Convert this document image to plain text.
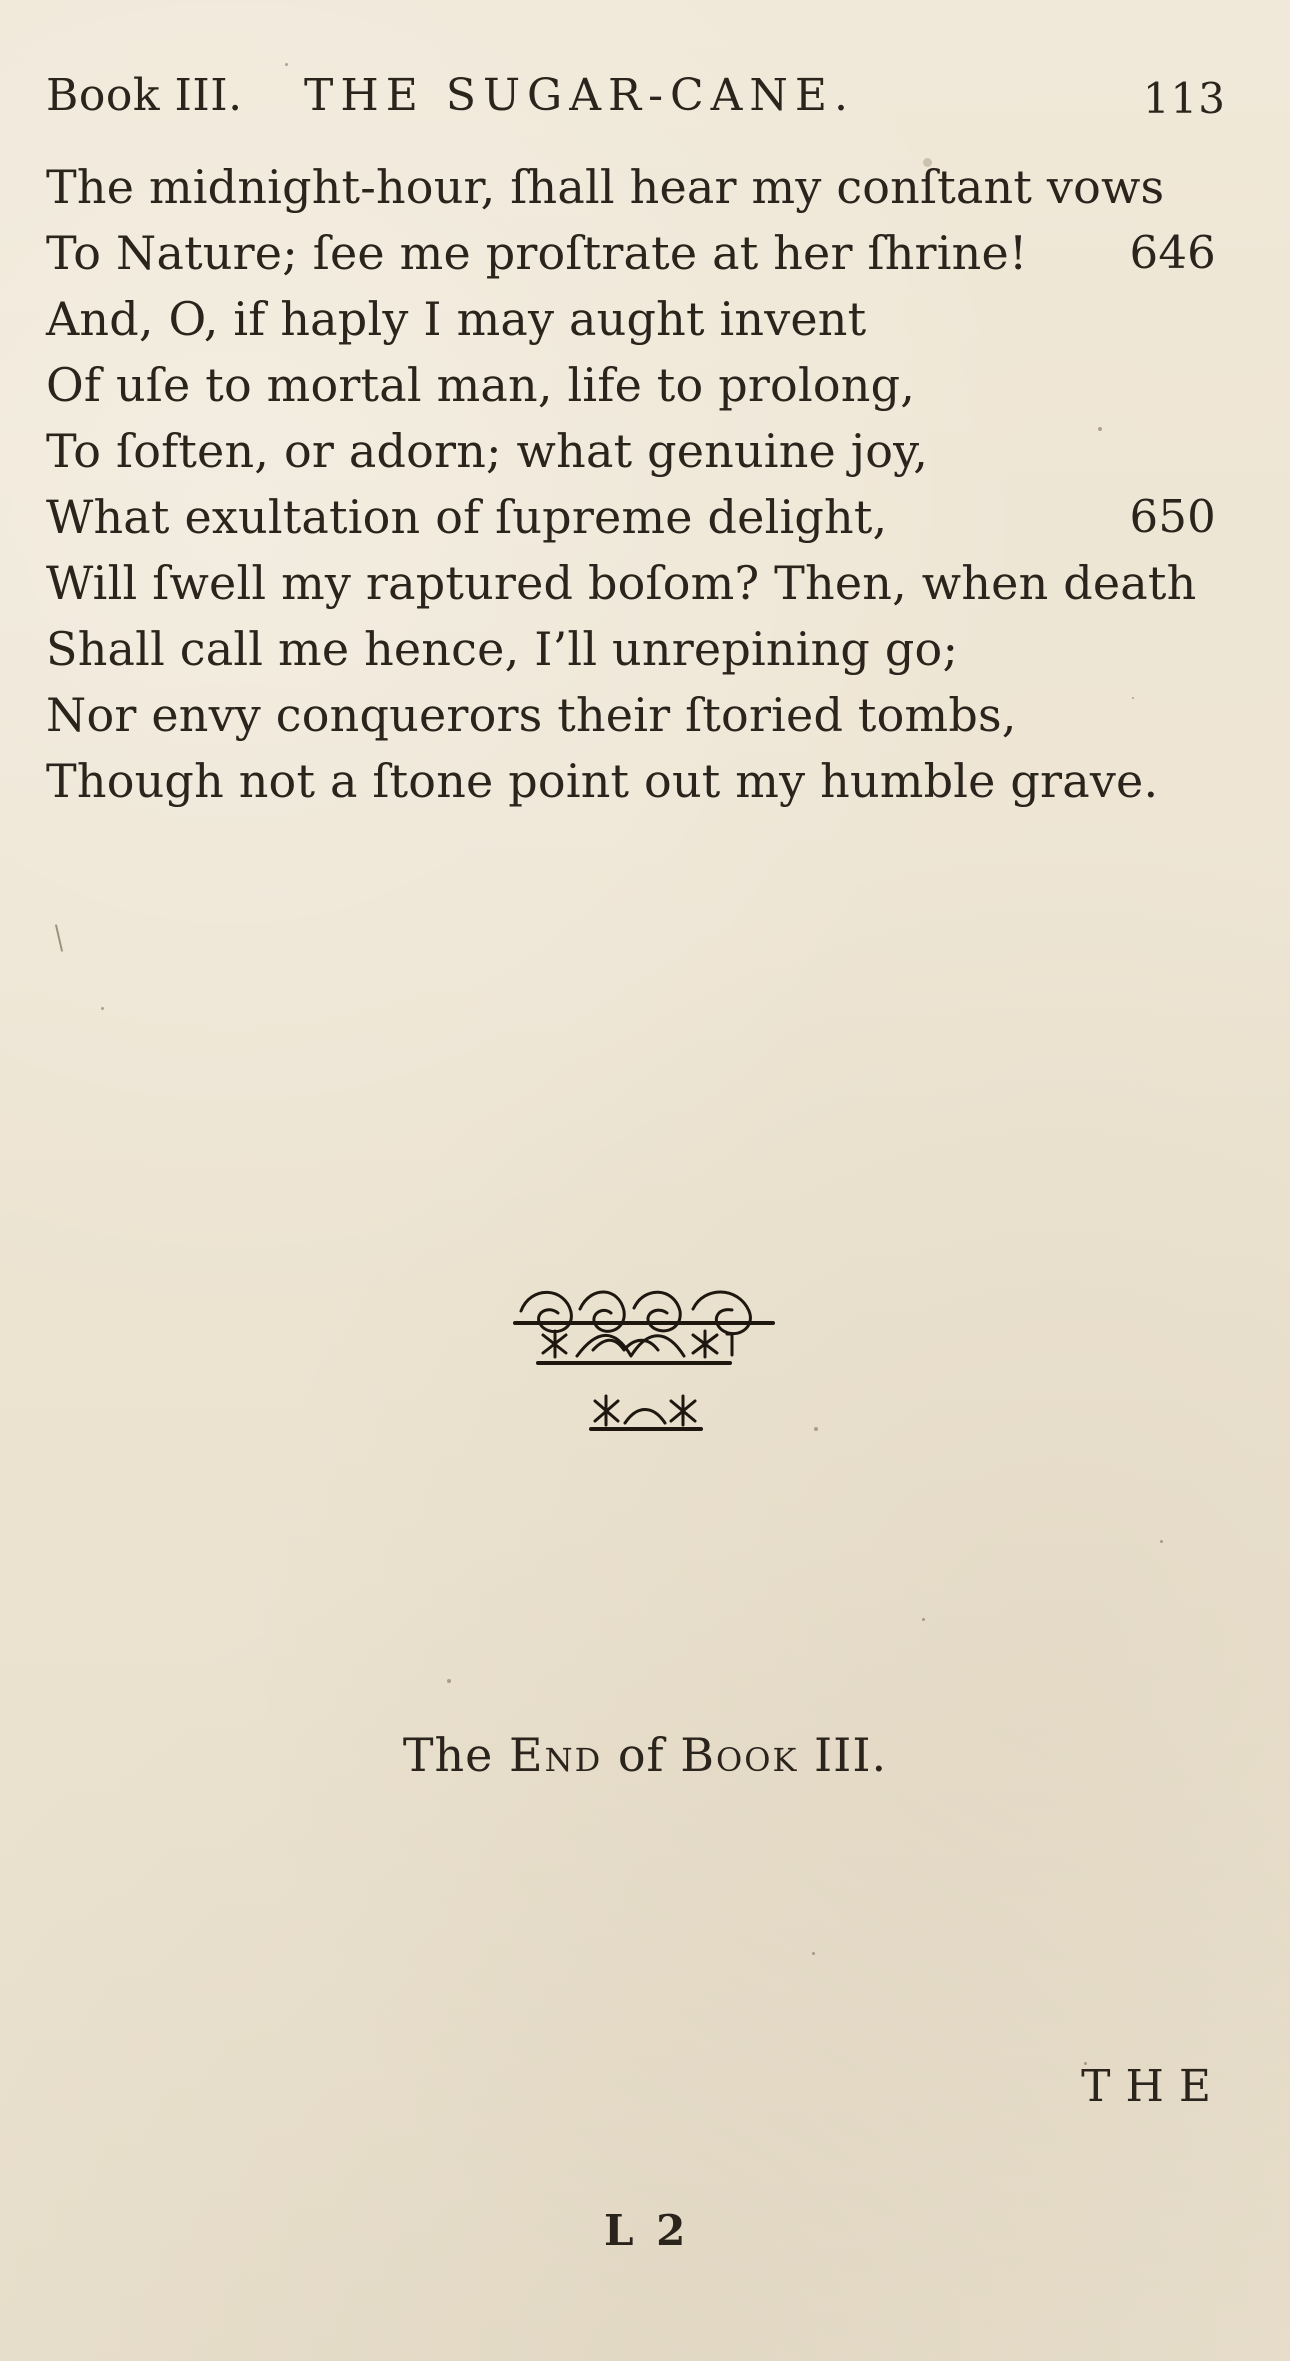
Book III. THE SUGAR-CANE.	113
The midnight-hour, ſhall hear my conſtant vows
To Nature; ſee me proſtrate at her ſhrine! 646
And, O, if haply I may aught invent
Of uſe to mortal man, life to prolong,
To ſoften, or adorn; what genuine joy,
What exultation of ſupreme delight,	650
Will ſwell my raptured boſom? Then, when death
Shall call me hence, I’ll unrepining go;
Nor envy conquerors their ſtoried tombs,
Though not a ſtone point out my humble grave.
The End of Book III.
THE
L 2
